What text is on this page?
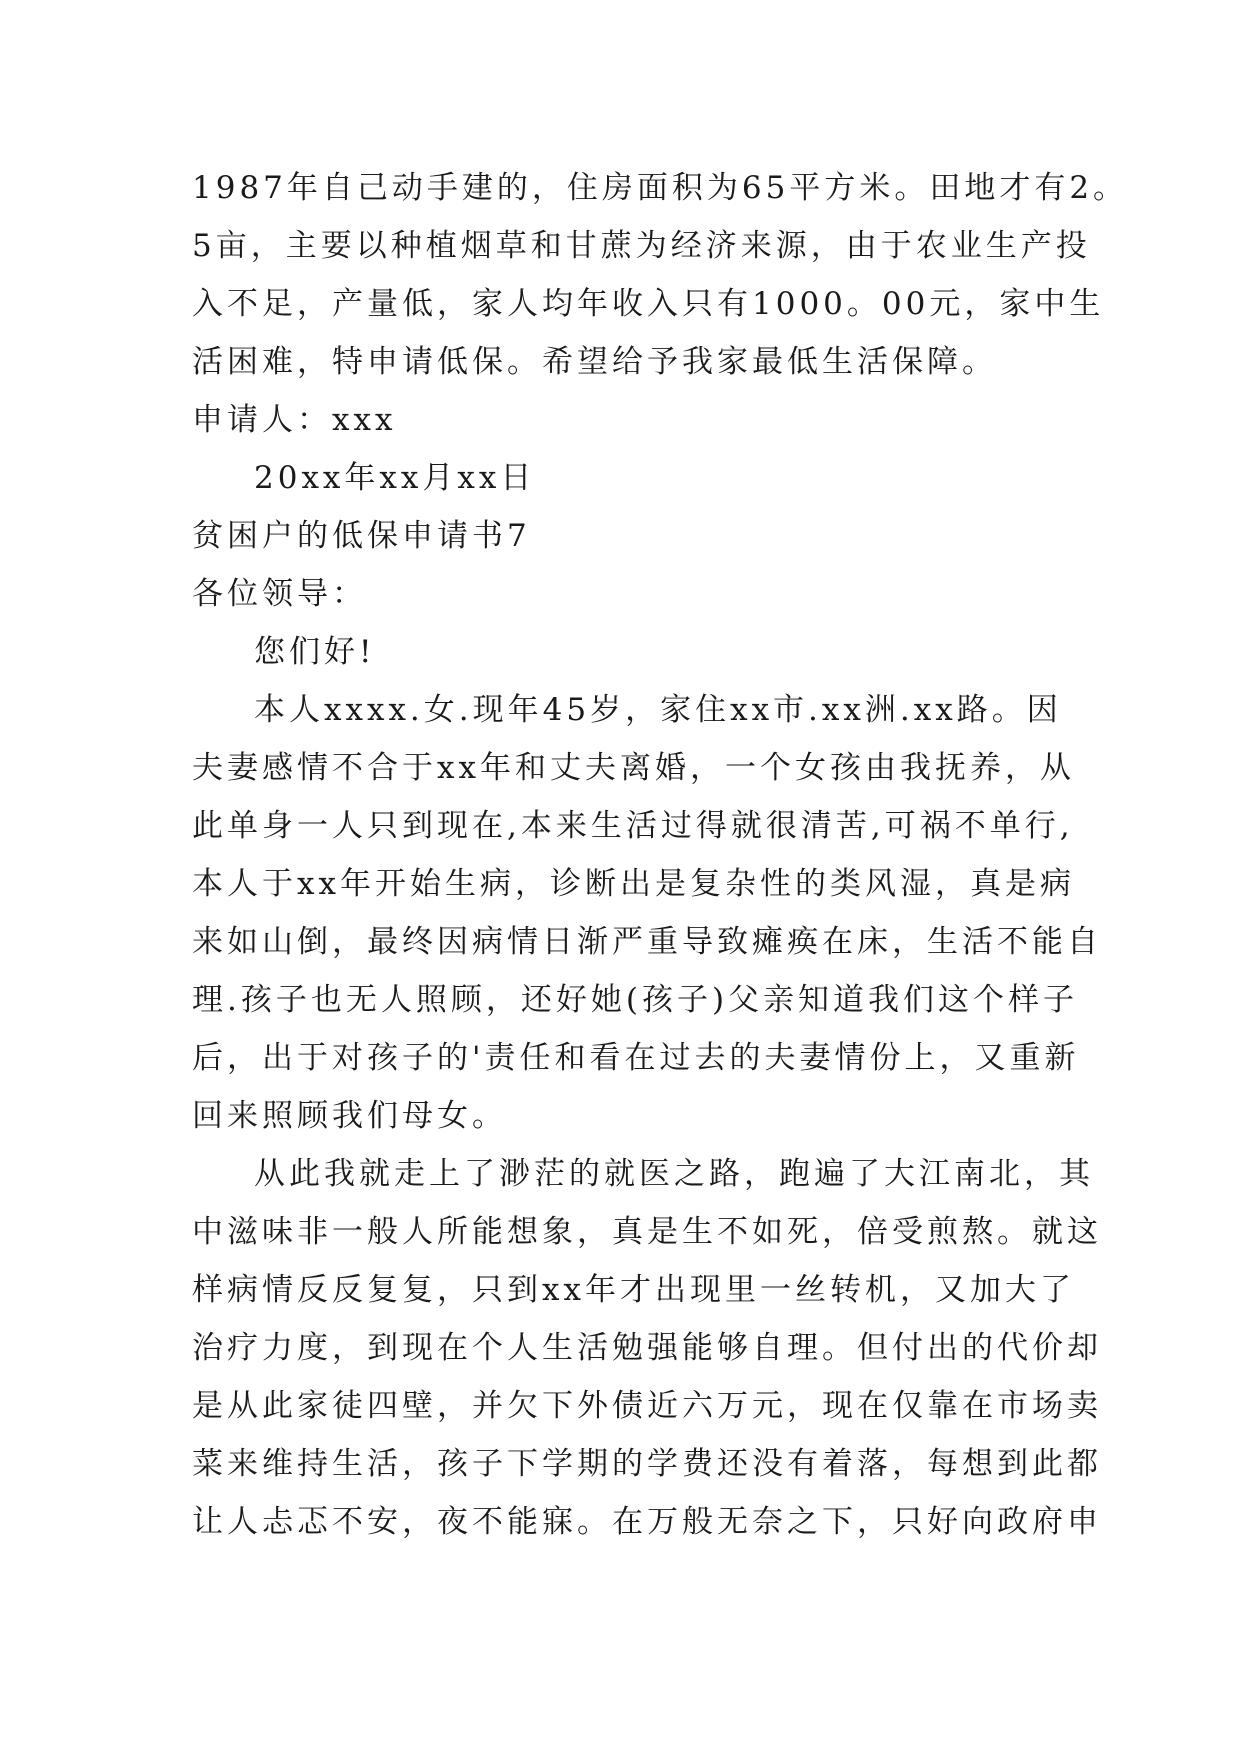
1987年自己动手建的，住房面积为65平方米。田地才有2。
5亩，主要以种植烟草和甘蔗为经济来源，由于农业生产投
入不足，产量低，家人均年收入只有1000。00元，家中生
活困难，特申请低保。希望给予我家最低生活保障。
申请人：xxx
20xx年xx月xx日
贫困户的低保申请书7
各位领导：
您们好!
本人xxxx.女.现年45岁，家住xx市.xx洲.xx路。因
夫妻感情不合于xx年和丈夫离婚，一个女孩由我抚养，从
此单身一人只到现在,本来生活过得就很清苦,可祸不单行,
本人于xx年开始生病，诊断出是复杂性的类风湿，真是病
来如山倒，最终因病情日渐严重导致瘫痪在床，生活不能自
理.孩子也无人照顾，还好她(孩子)父亲知道我们这个样子
后，出于对孩子的'责任和看在过去的夫妻情份上，又重新
回来照顾我们母女。
从此我就走上了渺茫的就医之路，跑遍了大江南北，其
中滋味非一般人所能想象，真是生不如死，倍受煎熬。就这
样病情反反复复，只到xx年才出现里一丝转机，又加大了
治疗力度，到现在个人生活勉强能够自理。但付出的代价却
是从此家徒四壁，并欠下外债近六万元，现在仅靠在市场卖
菜来维持生活，孩子下学期的学费还没有着落，每想到此都
让人忐忑不安，夜不能寐。在万般无奈之下，只好向政府申
